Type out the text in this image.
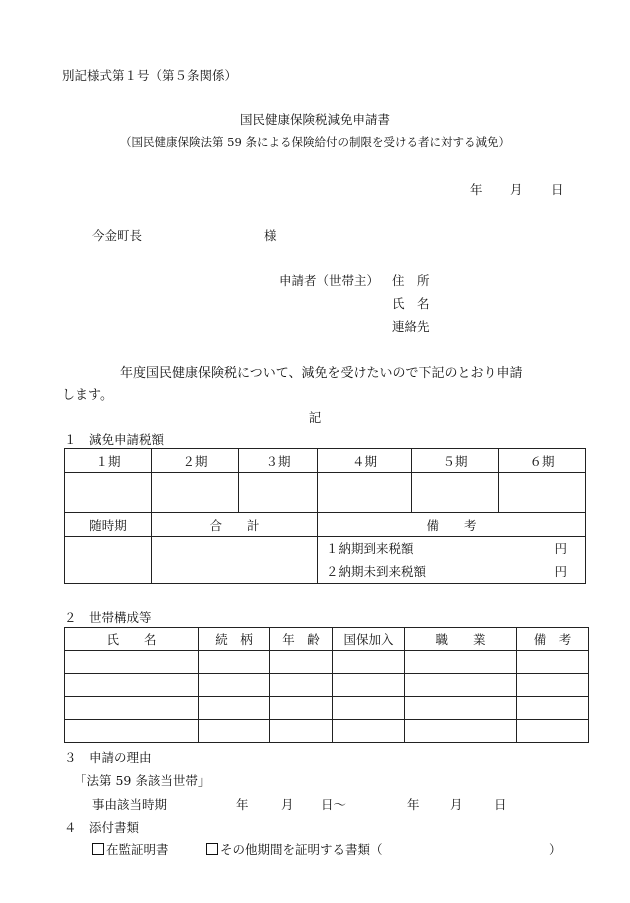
別記様式第１号（第５条関係）
国民健康保険税減免申請書
（国民健康保険法第 59 条による保険給付の制限を受ける者に対する減免）
年 月 日
今金町長	様
申請者（世帯主） 住　所
氏　名
連絡先
年度国民健康保険税について、減免を受けたいので下記のとおり申請
します。
記
１　減免申請税額
１期	２期	３期	４期	５期	６期

随時期	合　　計		備　　考		

			１納期到来税額 円
２納期未到来税額 円		
２　世帯構成等
氏　　名	続　柄	年　齢	国保加入	職　　業	備　考

３　申請の理由
「法第 59 条該当世帯」
事由該当時期	年	月 日～	年 月	日
４　添付書類
在監証明書	その他期間を証明する書類（	）
